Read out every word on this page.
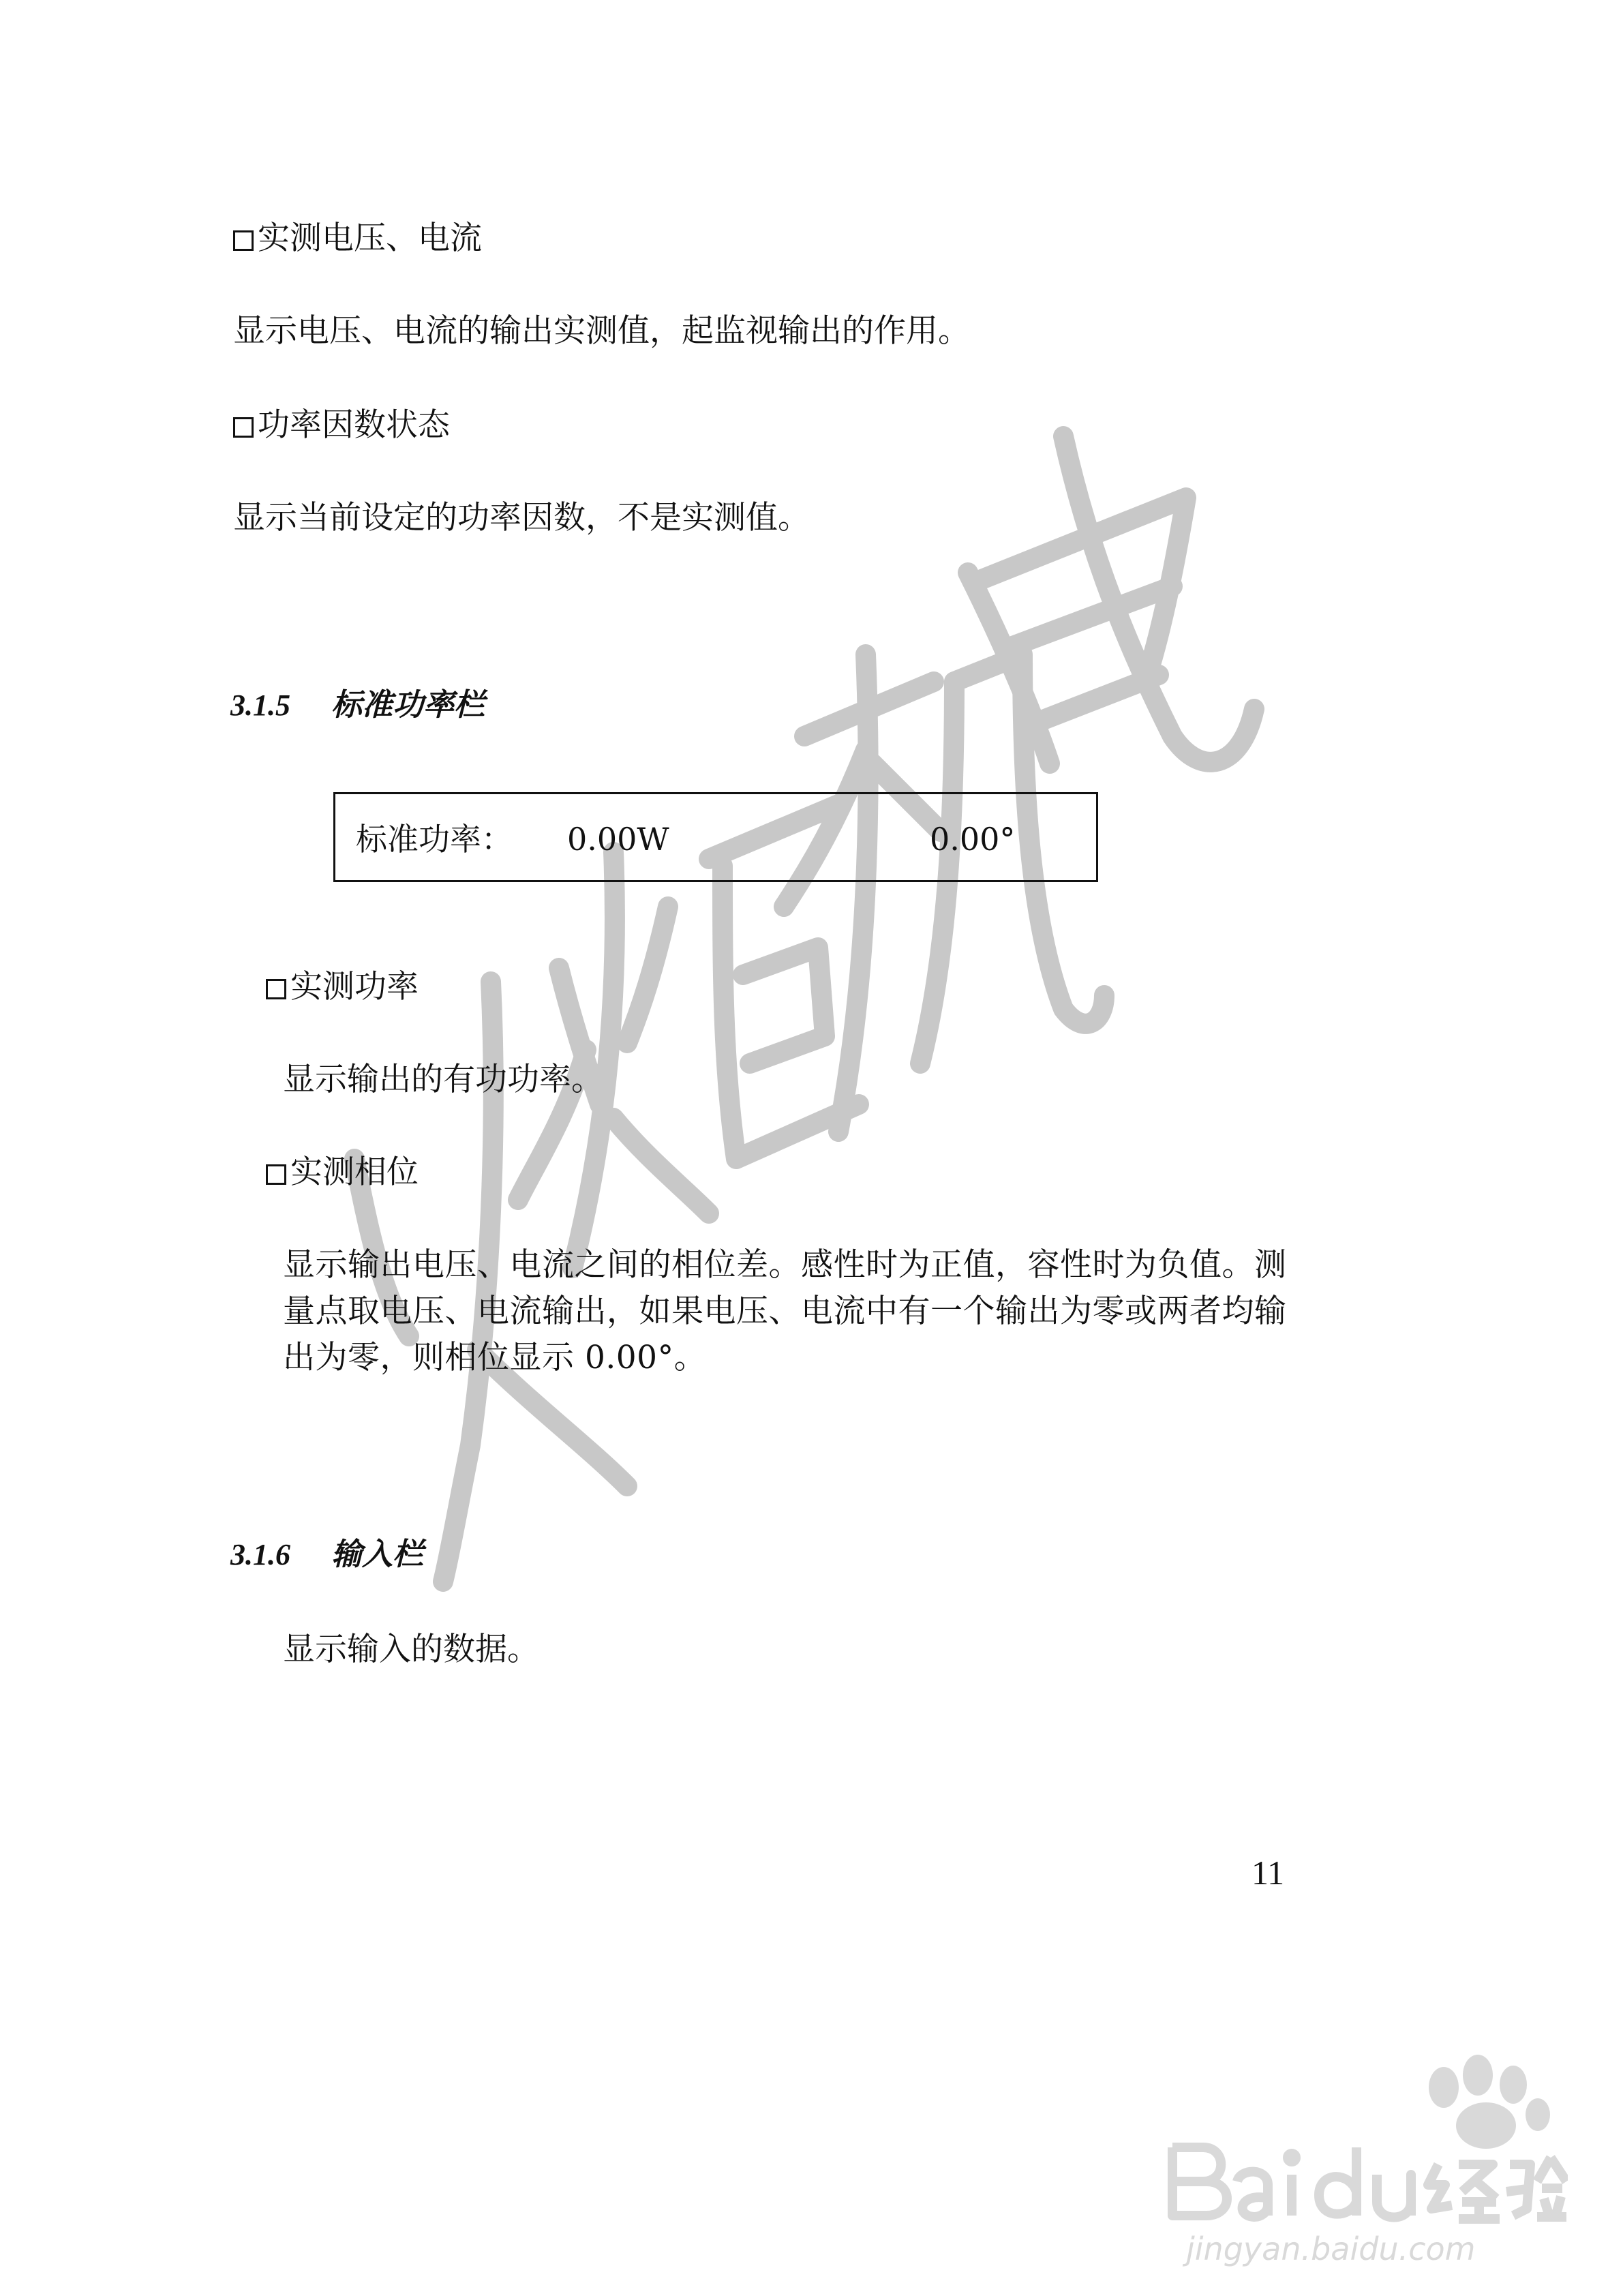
实测电压、电流
显示电压、电流的输出实测值，起监视输出的作用。
功率因数状态
显示当前设定的功率因数，不是实测值。
3.1.5 标准功率栏
标准功率： 0.00W	0.00°
实测功率
显示输出的有功功率。
实测相位
显示输出电压、电流之间的相位差。感性时为正值，容性时为负值。测
量点取电压、电流输出，如果电压、电流中有一个输出为零或两者均输
出为零，则相位显示 0.00°。
3.1.6 输入栏
显示输入的数据。
11
jingyan.baidu.com
